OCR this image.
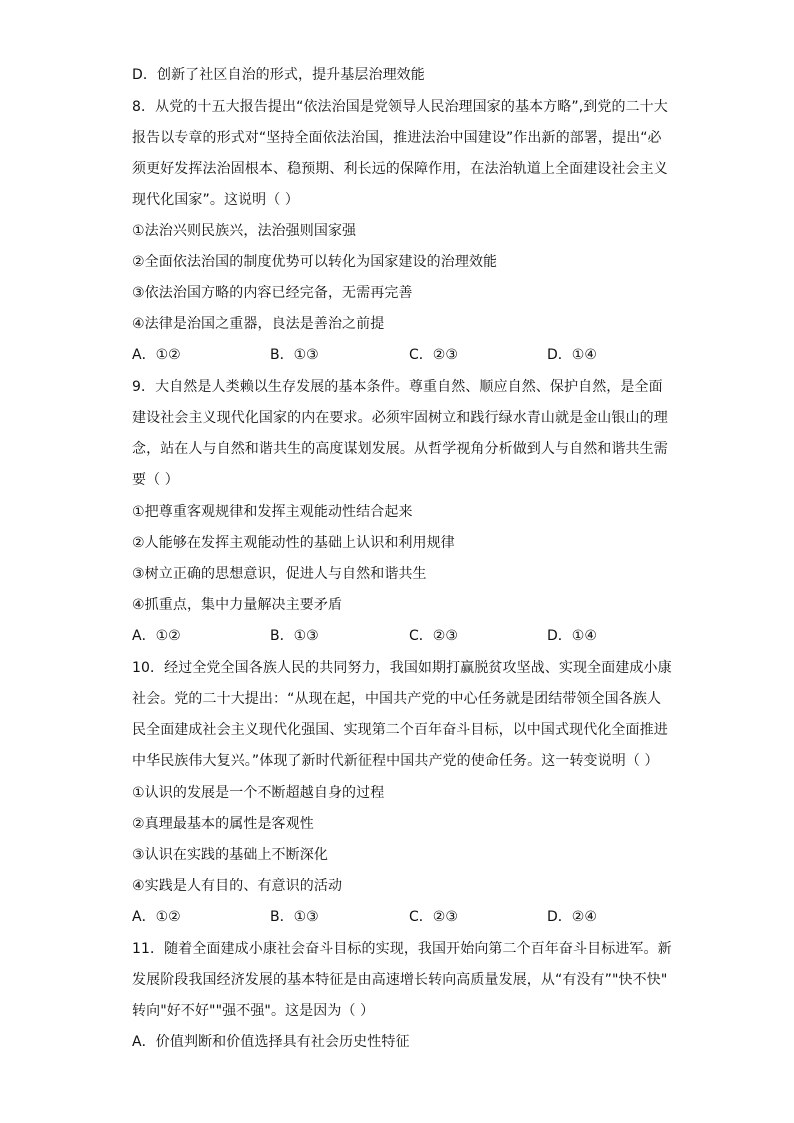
D．创新了社区自治的形式，提升基层治理效能
8．从党的十五大报告提出“依法治国是党领导人民治理国家的基本方略”,到党的二十大
报告以专章的形式对“坚持全面依法治国，推进法治中国建设”作出新的部署，提出“必
须更好发挥法治固根本、稳预期、利长远的保障作用，在法治轨道上全面建设社会主义
现代化国家”。这说明（ ）
①法治兴则民族兴，法治强则国家强
②全面依法治国的制度优势可以转化为国家建设的治理效能
③依法治国方略的内容已经完备，无需再完善
④法律是治国之重器，良法是善治之前提
A．①②	B．①③	C．②③	D．①④
9．大自然是人类赖以生存发展的基本条件。尊重自然、顺应自然、保护自然，是全面
建设社会主义现代化国家的内在要求。必须牢固树立和践行绿水青山就是金山银山的理
念，站在人与自然和谐共生的高度谋划发展。从哲学视角分析做到人与自然和谐共生需
要（ ）
①把尊重客观规律和发挥主观能动性结合起来
②人能够在发挥主观能动性的基础上认识和利用规律
③树立正确的思想意识，促进人与自然和谐共生
④抓重点，集中力量解决主要矛盾
A．①②	B．①③	C．②③	D．①④
10．经过全党全国各族人民的共同努力，我国如期打赢脱贫攻坚战、实现全面建成小康
社会。党的二十大提出：“从现在起，中国共产党的中心任务就是团结带领全国各族人
民全面建成社会主义现代化强国、实现第二个百年奋斗目标，以中国式现代化全面推进
中华民族伟大复兴。”体现了新时代新征程中国共产党的使命任务。这一转变说明（ ）
①认识的发展是一个不断超越自身的过程
②真理最基本的属性是客观性
③认识在实践的基础上不断深化
④实践是人有目的、有意识的活动
A．①②	B．①③	C．②③	D．②④
11．随着全面建成小康社会奋斗目标的实现，我国开始向第二个百年奋斗目标进军。新
发展阶段我国经济发展的基本特征是由高速增长转向高质量发展，从“有没有”"快不快"
转向"好不好""强不强"。这是因为（ ）
A．价值判断和价值选择具有社会历史性特征
